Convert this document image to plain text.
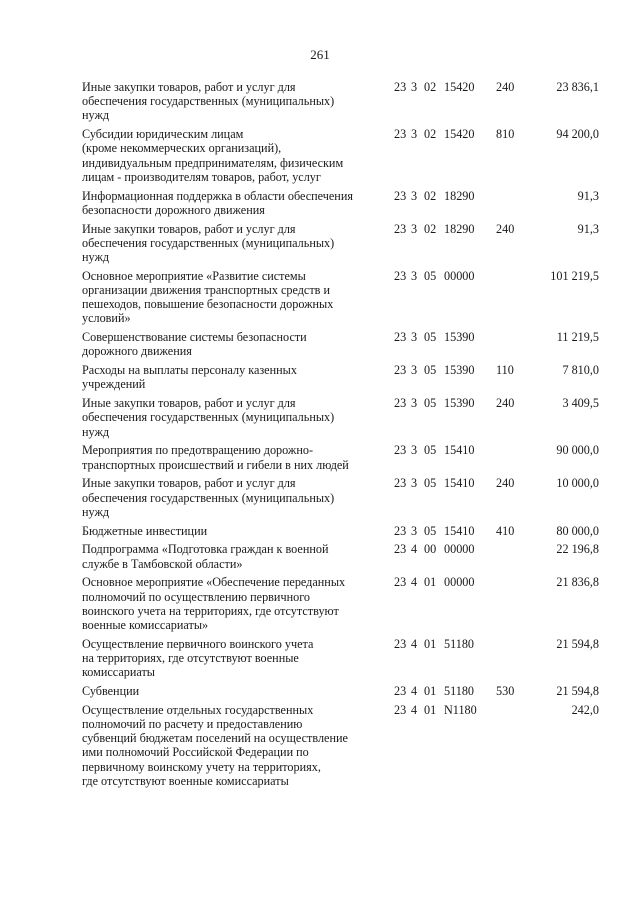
261
Иные закупки товаров, работ и услуг для
обеспечения государственных (муниципальных)
нужд
23 3 02 15420 240	23 836,1
Субсидии юридическим лицам
(кроме некоммерческих организаций),
индивидуальным предпринимателям, физическим
лицам - производителям товаров, работ, услуг
23 3 02 15420 810	94 200,0
Информационная поддержка в области обеспечения
безопасности дорожного движения
23 3 02 18290	91,3
Иные закупки товаров, работ и услуг для
обеспечения государственных (муниципальных)
нужд
23 3 02 18290 240	91,3
Основное мероприятие «Развитие системы
организации движения транспортных средств и
пешеходов, повышение безопасности дорожных
условий»
23 3 05 00000	101 219,5
Совершенствование системы безопасности
дорожного движения
23 3 05 15390	11 219,5
Расходы на выплаты персоналу казенных
учреждений
23 3 05 15390 110	7 810,0
Иные закупки товаров, работ и услуг для
обеспечения государственных (муниципальных)
нужд
23 3 05 15390 240	3 409,5
Мероприятия по предотвращению дорожно-
транспортных происшествий и гибели в них людей
23 3 05 15410	90 000,0
Иные закупки товаров, работ и услуг для
обеспечения государственных (муниципальных)
нужд
23 3 05 15410 240	10 000,0
Бюджетные инвестиции	23 3 05 15410 410	80 000,0
Подпрограмма «Подготовка граждан к военной
службе в Тамбовской области»
23 4 00 00000	22 196,8
Основное мероприятие «Обеспечение переданных
полномочий по осуществлению первичного
воинского учета на территориях, где отсутствуют
военные комиссариаты»
23 4 01 00000	21 836,8
Осуществление первичного воинского учета
на территориях, где отсутствуют военные
комиссариаты
23 4 01 51180	21 594,8
Субвенции	23 4 01 51180 530	21 594,8
Осуществление отдельных государственных
полномочий по расчету и предоставлению
субвенций бюджетам поселений на осуществление
ими полномочий Российской Федерации по
первичному воинскому учету на территориях,
где отсутствуют военные комиссариаты
23 4 01 N1180	242,0
